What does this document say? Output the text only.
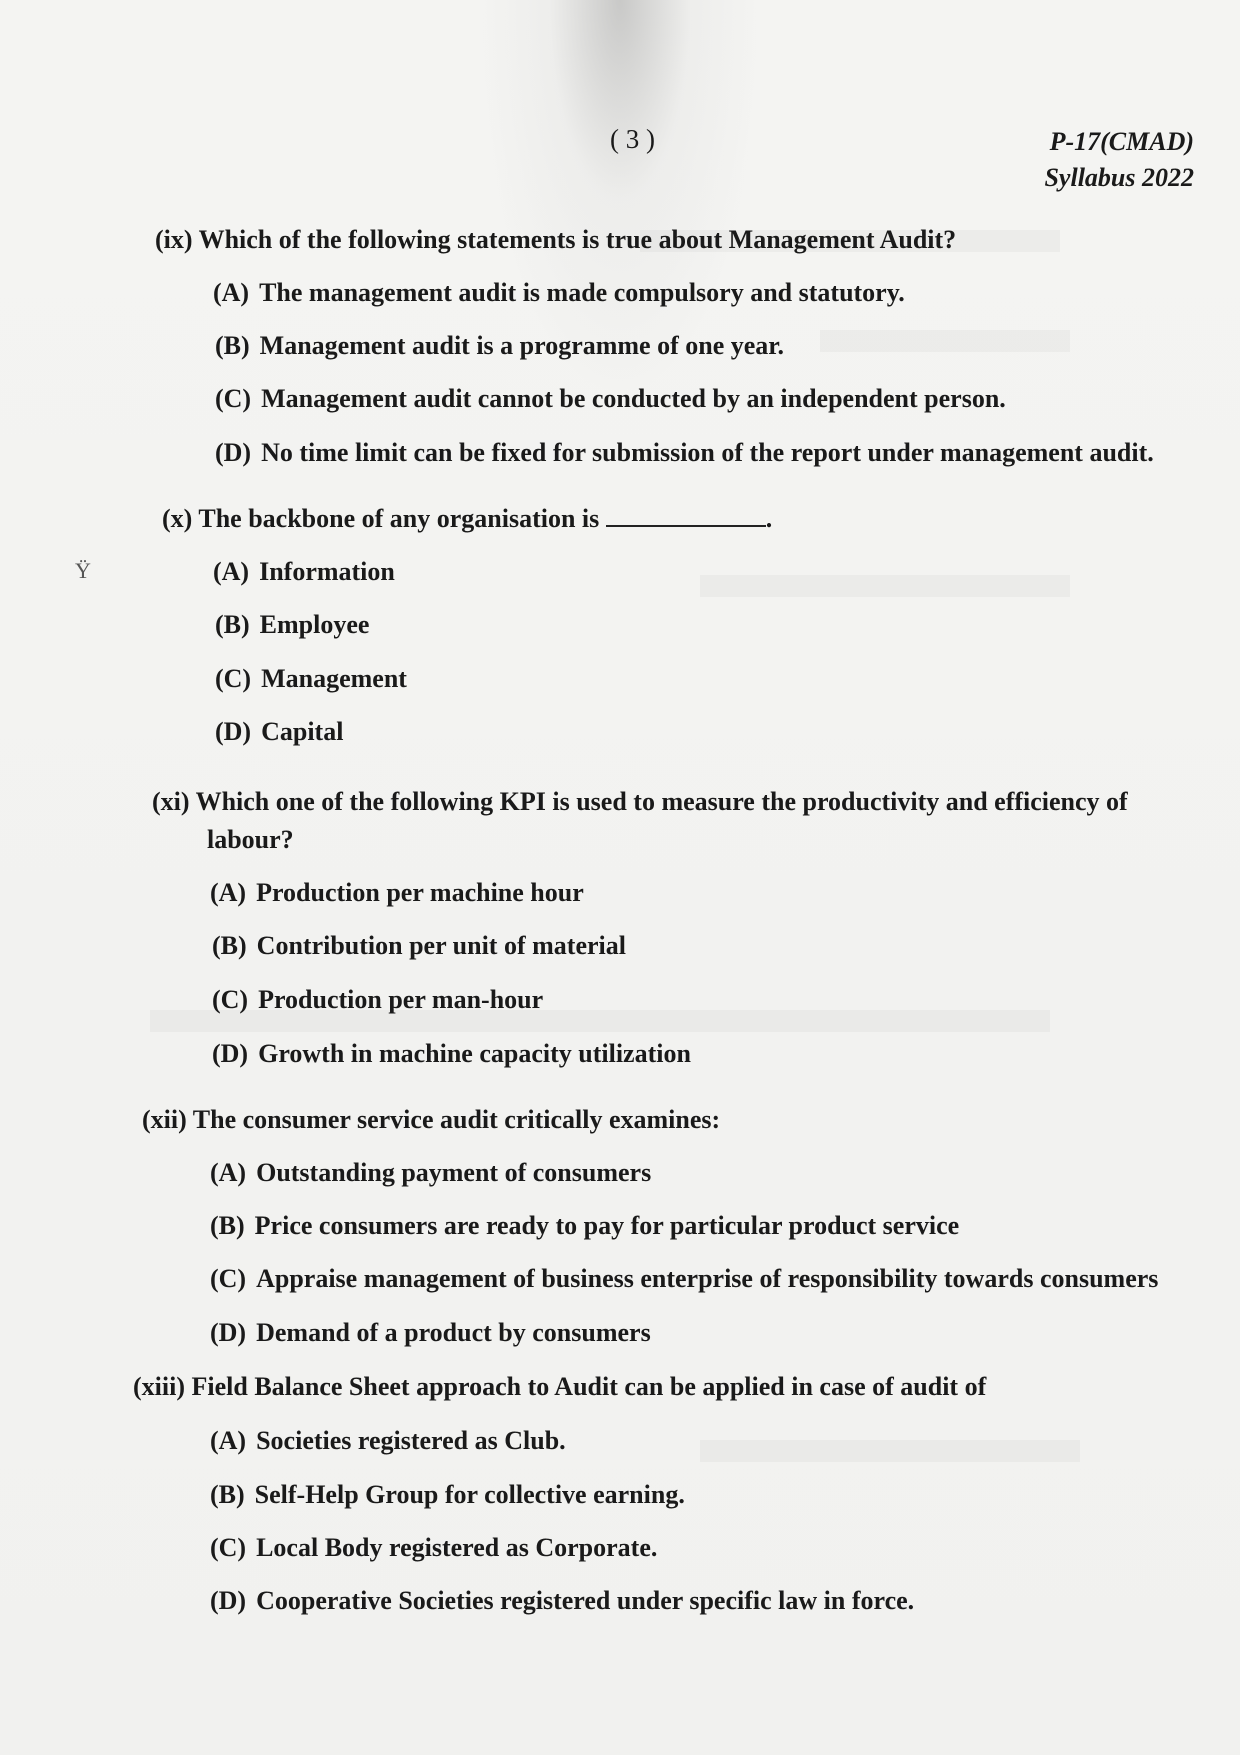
( 3 )	P-17(CMAD)
Syllabus 2022
(ix) Which of the following statements is true about Management Audit?
(A) The management audit is made compulsory and statutory.
(B) Management audit is a programme of one year.
(C) Management audit cannot be conducted by an independent person.
(D) No time limit can be fixed for submission of the report under management audit.
(x) The backbone of any organisation is	.
Ÿ	(A) Information
(B) Employee
(C) Management
(D) Capital
(xi) Which one of the following KPI is used to measure the productivity and efficiency of
labour?
(A) Production per machine hour
(B) Contribution per unit of material
(C) Production per man-hour
(D) Growth in machine capacity utilization
(xii) The consumer service audit critically examines:
(A) Outstanding payment of consumers
(B) Price consumers are ready to pay for particular product service
(C) Appraise management of business enterprise of responsibility towards consumers
(D) Demand of a product by consumers
(xiii) Field Balance Sheet approach to Audit can be applied in case of audit of
(A) Societies registered as Club.
(B) Self-Help Group for collective earning.
(C) Local Body registered as Corporate.
(D) Cooperative Societies registered under specific law in force.
